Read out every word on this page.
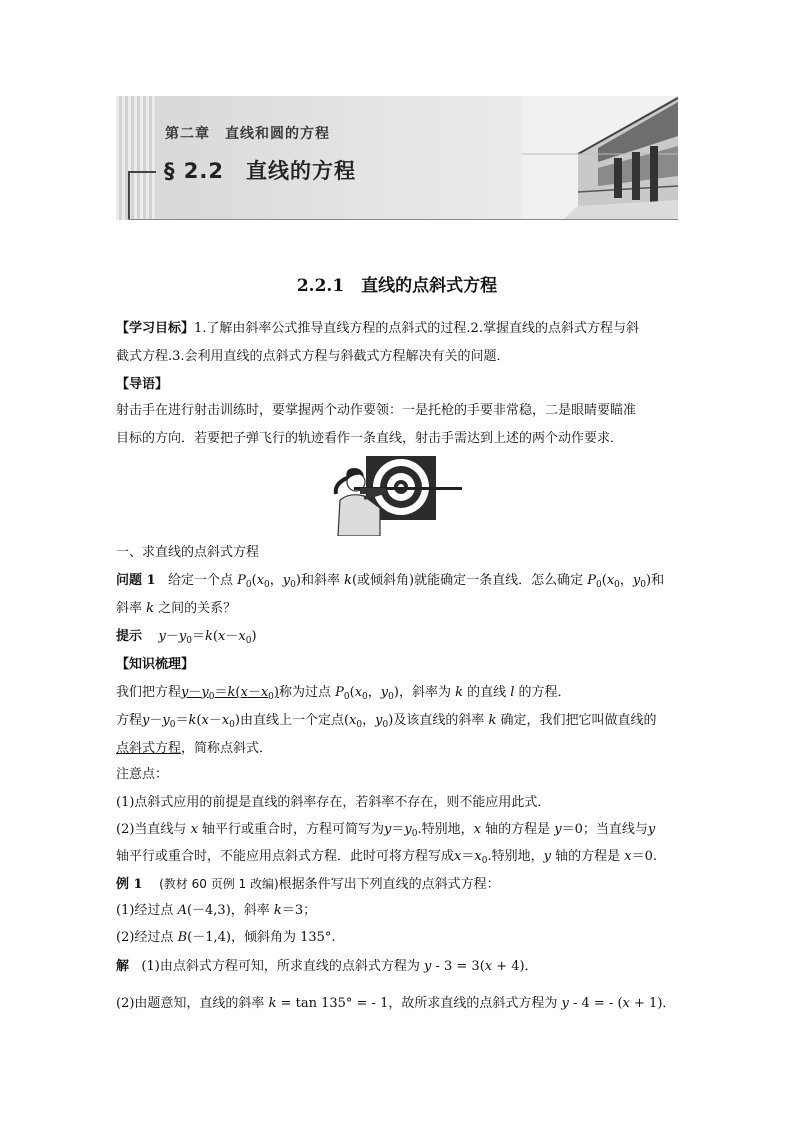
第二章　直线和圆的方程
§ 2.2　直线的方程
2.2.1　直线的点斜式方程
【学习目标】1.了解由斜率公式推导直线方程的点斜式的过程.2.掌握直线的点斜式方程与斜
截式方程.3.会利用直线的点斜式方程与斜截式方程解决有关的问题．
【导语】
射击手在进行射击训练时，要掌握两个动作要领：一是托枪的手要非常稳，二是眼睛要瞄准
目标的方向．若要把子弹飞行的轨迹看作一条直线，射击手需达到上述的两个动作要求．
一、求直线的点斜式方程
问题 1 给定一个点 $P_0(x_0$，$y_0$)和斜率 k(或倾斜角)就能确定一条直线．怎么确定 $P_0(x_0$，$y_0$)和
斜率 k 之间的关系？
提示 $y-y_0=k(x-x_0)$
【知识梳理】
我们把方程$y-y_0=k(x-x_0)$称为过点 $P_0(x_0$，$y_0$)，斜率为 k 的直线 l 的方程．
方程$y-y_0=k(x-x_0)$由直线上一个定点($x_0$，$y_0$)及该直线的斜率 k 确定，我们把它叫做直线的
点斜式方程，简称点斜式．
注意点：
(1)点斜式应用的前提是直线的斜率存在，若斜率不存在，则不能应用此式．
(2)当直线与 x 轴平行或重合时，方程可简写为$y=y_0$.特别地，x 轴的方程是 y＝0；当直线与y
轴平行或重合时，不能应用点斜式方程．此时可将方程写成$x=x_0$.特别地，y 轴的方程是 x＝0.
例 1 (教材 60 页例 1 改编)根据条件写出下列直线的点斜式方程：
(1)经过点 A(－4,3)，斜率 k＝3；
(2)经过点 B(－1,4)，倾斜角为 135°.
解 (1)由点斜式方程可知，所求直线的点斜式方程为 y - 3 = 3(x + 4)．
(2)由题意知，直线的斜率 k = tan 135° = - 1，故所求直线的点斜式方程为 y - 4 = - (x + 1)．
